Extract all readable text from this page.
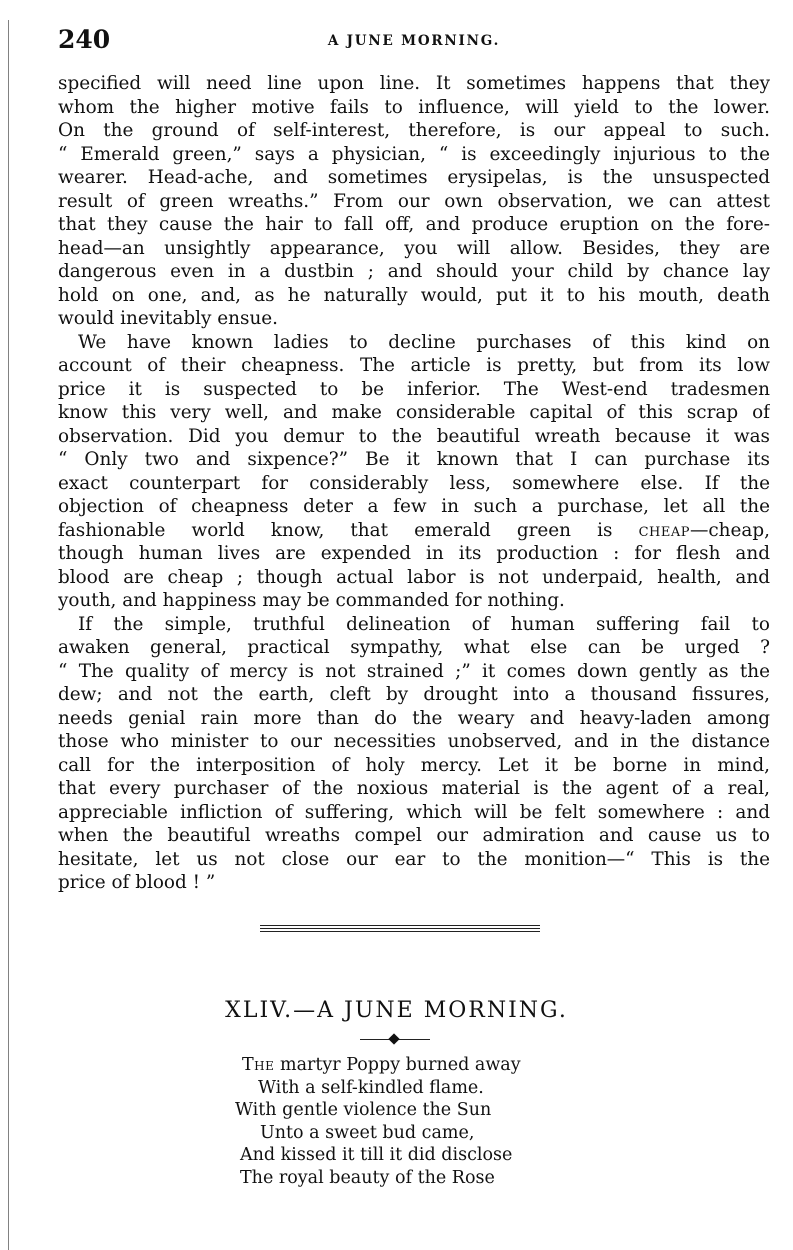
240	A JUNE MORNING.
specified will need line upon line. It sometimes happens that they
whom the higher motive fails to influence, will yield to the lower.
On the ground of self-interest, therefore, is our appeal to such.
“ Emerald green,” says a physician, “ is exceedingly injurious to the
wearer. Head-ache, and sometimes erysipelas, is the unsuspected
result of green wreaths.” From our own observation, we can attest
that they cause the hair to fall off, and produce eruption on the fore-
head—an unsightly appearance, you will allow. Besides, they are
dangerous even in a dustbin ; and should your child by chance lay
hold on one, and, as he naturally would, put it to his mouth, death
would inevitably ensue.
We have known ladies to decline purchases of this kind on
account of their cheapness. The article is pretty, but from its low
price it is suspected to be inferior. The West-end tradesmen
know this very well, and make considerable capital of this scrap of
observation. Did you demur to the beautiful wreath because it was
“ Only two and sixpence?” Be it known that I can purchase its
exact counterpart for considerably less, somewhere else. If the
objection of cheapness deter a few in such a purchase, let all the
fashionable world know, that emerald green is cheap—cheap,
though human lives are expended in its production : for flesh and
blood are cheap ; though actual labor is not underpaid, health, and
youth, and happiness may be commanded for nothing.
If the simple, truthful delineation of human suffering fail to
awaken general, practical sympathy, what else can be urged ?
“ The quality of mercy is not strained ;” it comes down gently as the
dew; and not the earth, cleft by drought into a thousand fissures,
needs genial rain more than do the weary and heavy-laden among
those who minister to our necessities unobserved, and in the distance
call for the interposition of holy mercy. Let it be borne in mind,
that every purchaser of the noxious material is the agent of a real,
appreciable infliction of suffering, which will be felt somewhere : and
when the beautiful wreaths compel our admiration and cause us to
hesitate, let us not close our ear to the monition—“ This is the
price of blood ! ”
XLIV.—A JUNE MORNING.
The martyr Poppy burned away
With a self-kindled flame.
With gentle violence the Sun
Unto a sweet bud came,
And kissed it till it did disclose
The royal beauty of the Rose
